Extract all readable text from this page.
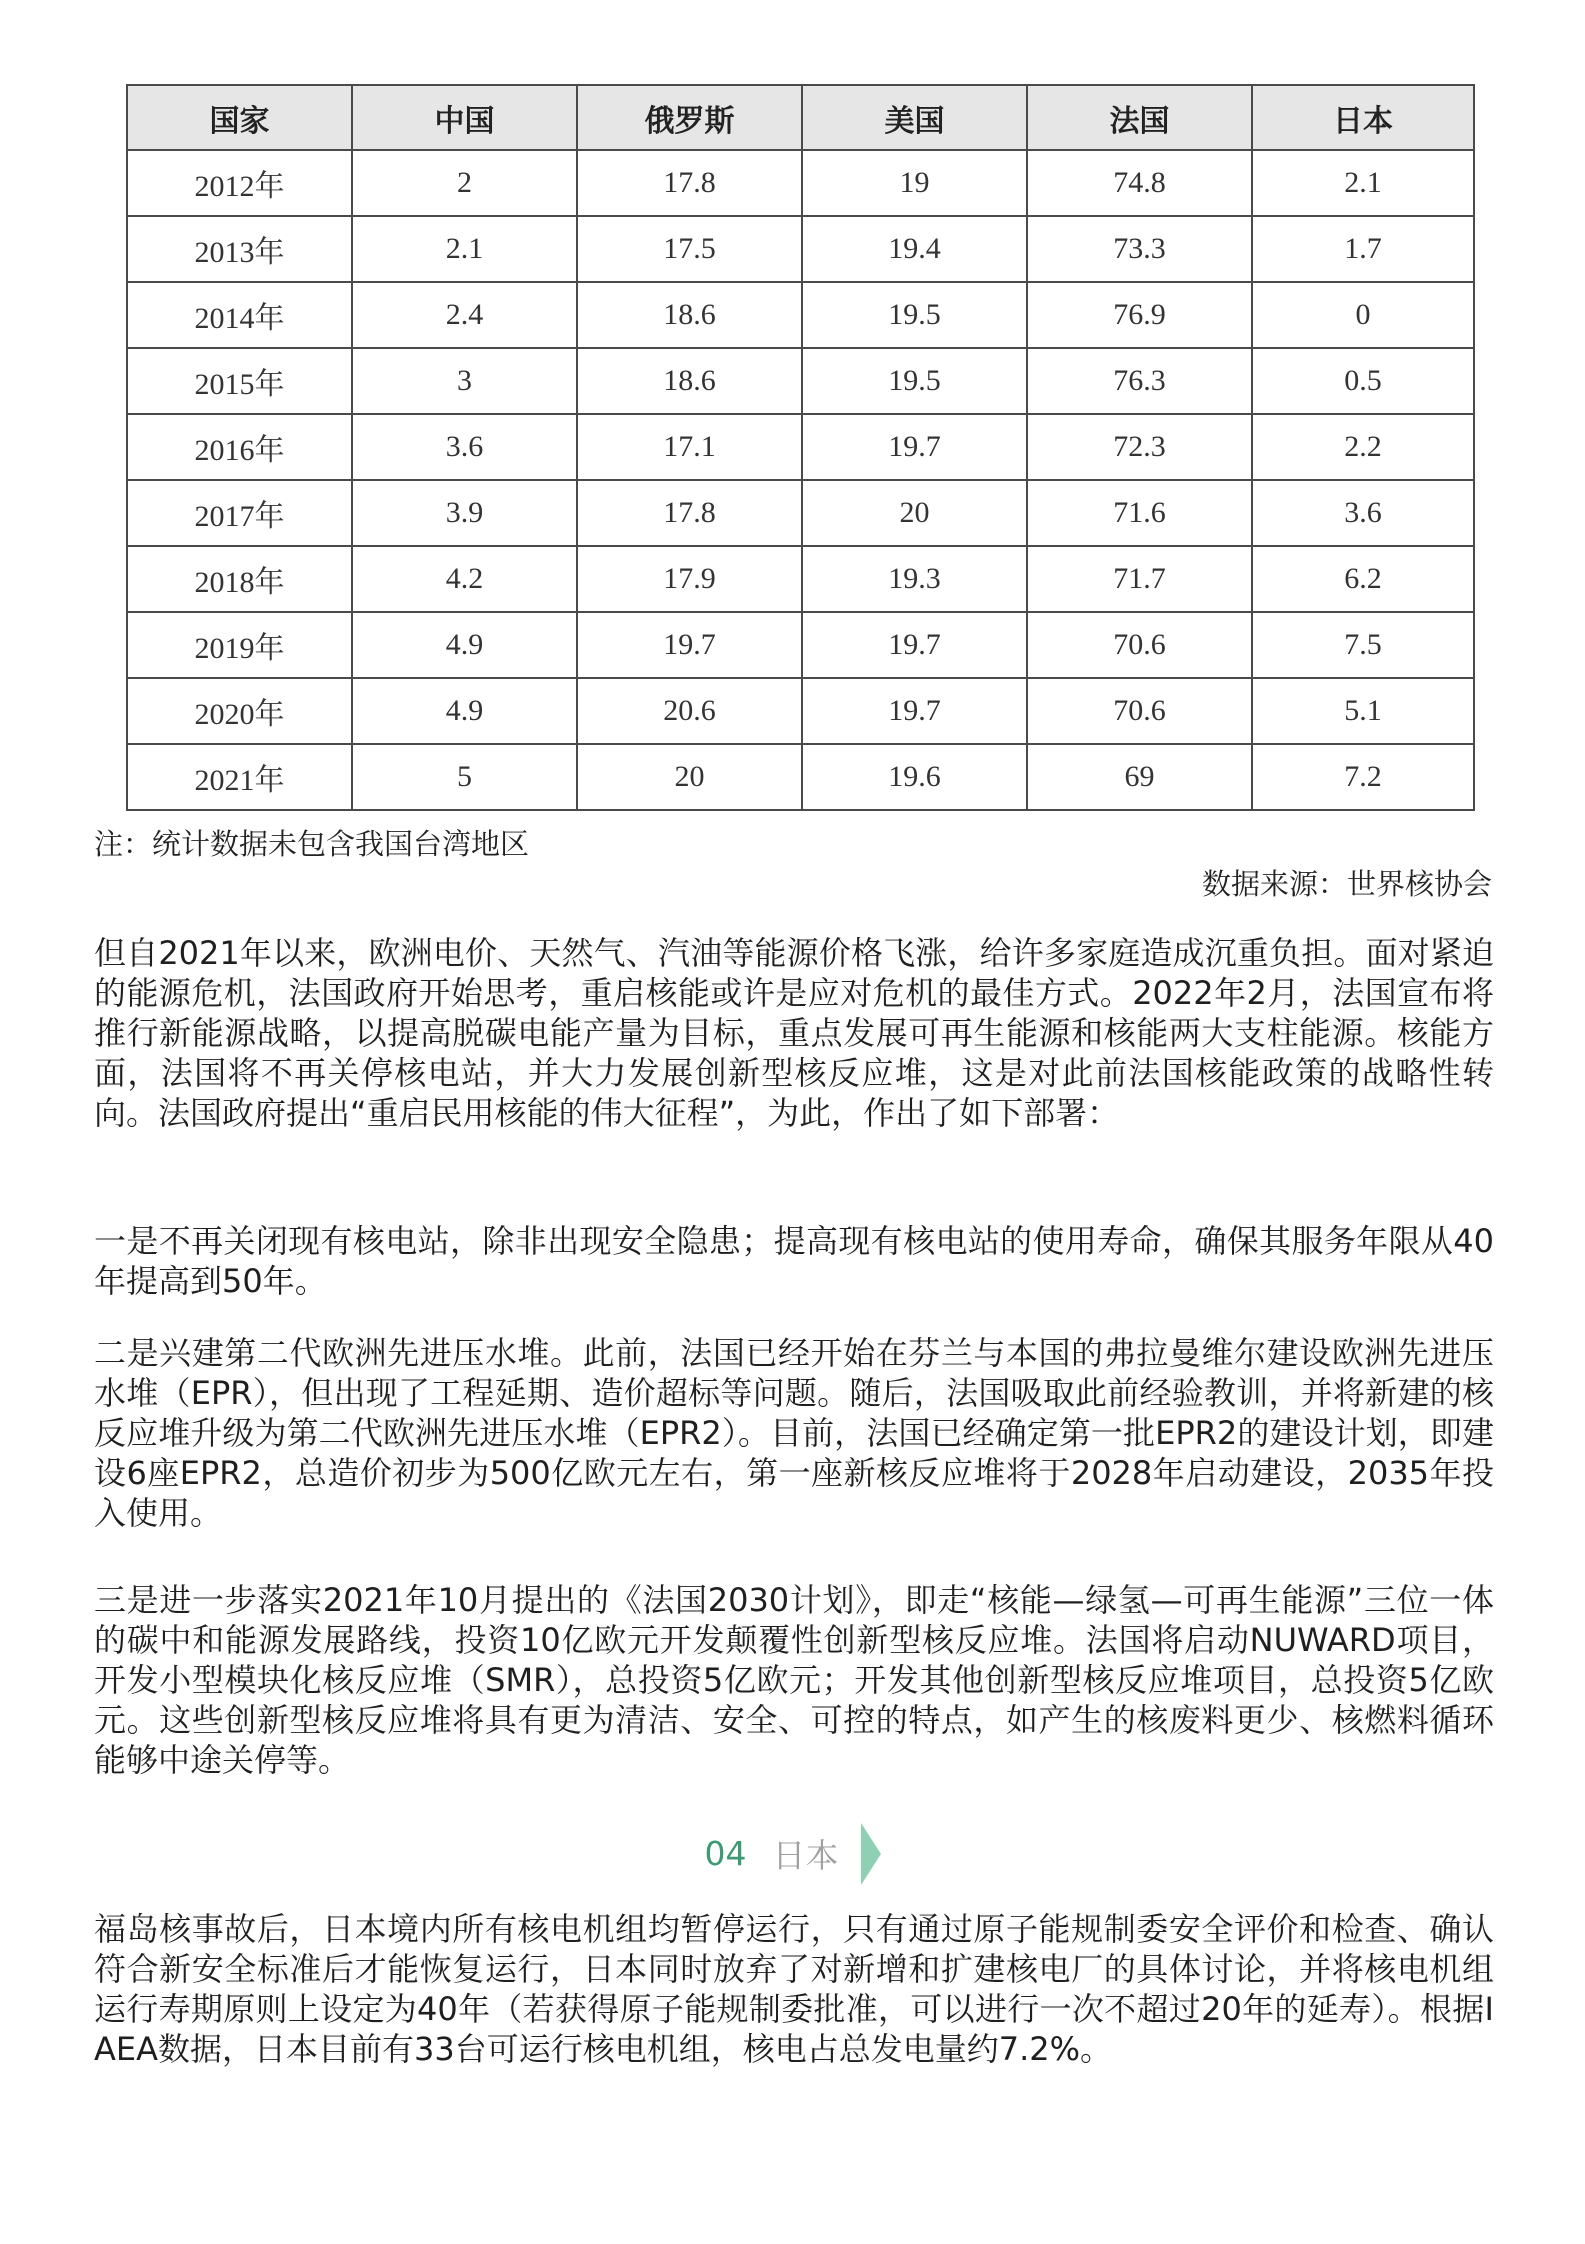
国家	中国	俄罗斯	美国	法国	日本
2012年	2	17.8	19	74.8	2.1
2013年	2.1	17.5	19.4	73.3	1.7
2014年	2.4	18.6	19.5	76.9	0
2015年	3	18.6	19.5	76.3	0.5
2016年	3.6	17.1	19.7	72.3	2.2
2017年	3.9	17.8	20	71.6	3.6
2018年	4.2	17.9	19.3	71.7	6.2
2019年	4.9	19.7	19.7	70.6	7.5
2020年	4.9	20.6	19.7	70.6	5.1
2021年	5	20	19.6	69	7.2
注：统计数据未包含我国台湾地区
数据来源：世界核协会

但自2021年以来，欧洲电价、天然气、汽油等能源价格飞涨，给许多家庭造成沉重负担。面对紧迫的能源危机，法国政府开始思考，重启核能或许是应对危机的最佳方式。2022年2月，法国宣布将推行新能源战略，以提高脱碳电能产量为目标，重点发展可再生能源和核能两大支柱能源。核能方面，法国将不再关停核电站，并大力发展创新型核反应堆，这是对此前法国核能政策的战略性转向。法国政府提出“重启民用核能的伟大征程”，为此，作出了如下部署：

一是不再关闭现有核电站，除非出现安全隐患；提高现有核电站的使用寿命，确保其服务年限从40年提高到50年。

二是兴建第二代欧洲先进压水堆。此前，法国已经开始在芬兰与本国的弗拉曼维尔建设欧洲先进压水堆（EPR），但出现了工程延期、造价超标等问题。随后，法国吸取此前经验教训，并将新建的核反应堆升级为第二代欧洲先进压水堆（EPR2）。目前，法国已经确定第一批EPR2的建设计划，即建设6座EPR2，总造价初步为500亿欧元左右，第一座新核反应堆将于2028年启动建设，2035年投入使用。

三是进一步落实2021年10月提出的《法国2030计划》，即走“核能—绿氢—可再生能源”三位一体的碳中和能源发展路线，投资10亿欧元开发颠覆性创新型核反应堆。法国将启动NUWARD项目，开发小型模块化核反应堆（SMR），总投资5亿欧元；开发其他创新型核反应堆项目，总投资5亿欧元。这些创新型核反应堆将具有更为清洁、安全、可控的特点，如产生的核废料更少、核燃料循环能够中途关停等。

04 日本

福岛核事故后，日本境内所有核电机组均暂停运行，只有通过原子能规制委安全评价和检查、确认符合新安全标准后才能恢复运行，日本同时放弃了对新增和扩建核电厂的具体讨论，并将核电机组运行寿期原则上设定为40年（若获得原子能规制委批准，可以进行一次不超过20年的延寿）。根据IAEA数据，日本目前有33台可运行核电机组，核电占总发电量约7.2%。
